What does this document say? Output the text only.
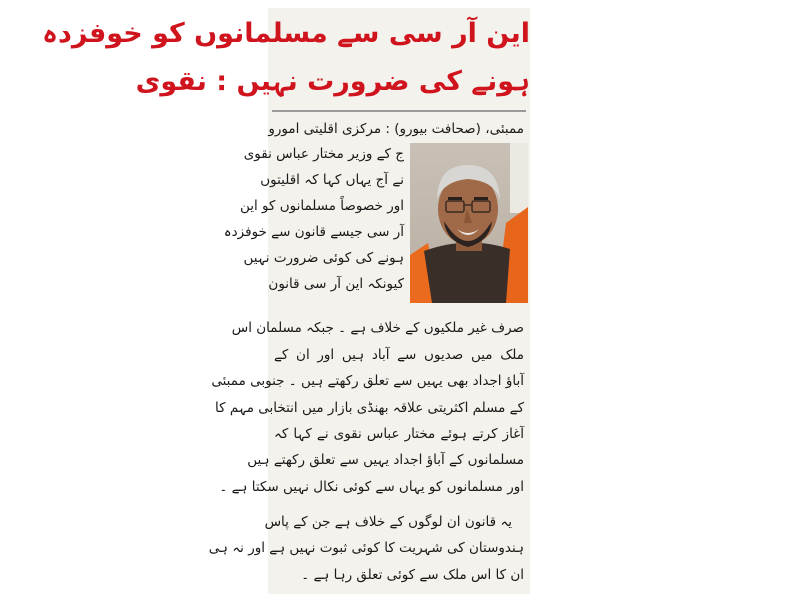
این آر سی سے مسلمانوں کو خوفزدہ
ہونے کی ضرورت نہیں : نقوی
ممبئی، (صحافت بیورو) : مرکزی اقلیتی امورو
ج کے وزیر مختار عباس نقوی
نے آج یہاں کہا کہ اقلیتوں
اور خصوصاً مسلمانوں کو این
آر سی جیسے قانون سے خوفزدہ
ہونے کی کوئی ضرورت نہیں
کیونکہ این آر سی قانون
صرف غیر ملکیوں کے خلاف ہے ۔ جبکہ مسلمان اس
ملک میں صدیوں سے آباد ہیں اور ان کے
آباؤ اجداد بھی یہیں سے تعلق رکھتے ہیں ۔ جنوبی ممبئی
کے مسلم اکثریتی علاقہ بھنڈی بازار میں انتخابی مہم کا
آغاز کرتے ہوئے مختار عباس نقوی نے کہا کہ
مسلمانوں کے آباؤ اجداد یہیں سے تعلق رکھتے ہیں
اور مسلمانوں کو یہاں سے کوئی نکال نہیں سکتا ہے ۔
یہ قانون ان لوگوں کے خلاف ہے جن کے پاس
ہندوستان کی شہریت کا کوئی ثبوت نہیں ہے اور نہ ہی
ان کا اس ملک سے کوئی تعلق رہا ہے ۔
